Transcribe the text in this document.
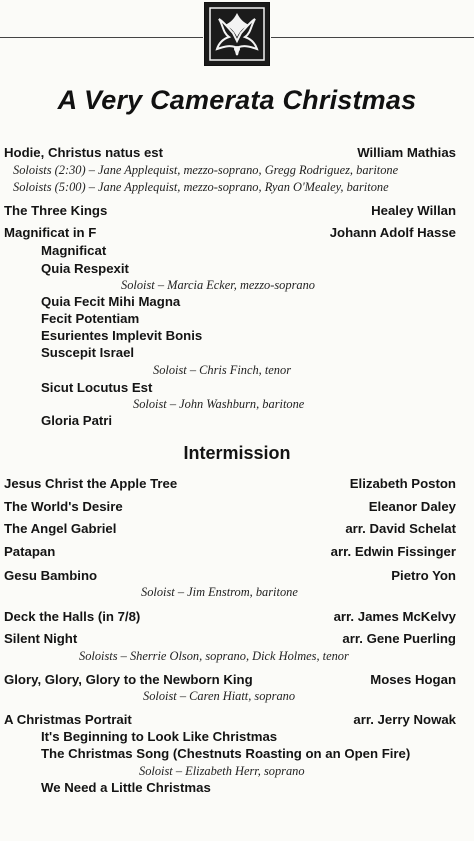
A Very Camerata Christmas
Hodie, Christus natus est	William Mathias
Soloists (2:30) – Jane Applequist, mezzo-soprano, Gregg Rodriguez, baritone
Soloists (5:00) – Jane Applequist, mezzo-soprano, Ryan O'Mealey, baritone
The Three Kings	Healey Willan
Magnificat in F	Johann Adolf Hasse
Magnificat
Quia Respexit
Soloist – Marcia Ecker, mezzo-soprano
Quia Fecit Mihi Magna
Fecit Potentiam
Esurientes Implevit Bonis
Suscepit Israel
Soloist – Chris Finch, tenor
Sicut Locutus Est
Soloist – John Washburn, baritone
Gloria Patri
Intermission
Jesus Christ the Apple Tree	Elizabeth Poston
The World's Desire	Eleanor Daley
The Angel Gabriel	arr. David Schelat
Patapan	arr. Edwin Fissinger
Gesu Bambino	Pietro Yon
Soloist – Jim Enstrom, baritone
Deck the Halls (in 7/8)	arr. James McKelvy
Silent Night	arr. Gene Puerling
Soloists – Sherrie Olson, soprano, Dick Holmes, tenor
Glory, Glory, Glory to the Newborn King	Moses Hogan
Soloist – Caren Hiatt, soprano
A Christmas Portrait	arr. Jerry Nowak
It's Beginning to Look Like Christmas
The Christmas Song (Chestnuts Roasting on an Open Fire)
Soloist – Elizabeth Herr, soprano
We Need a Little Christmas
